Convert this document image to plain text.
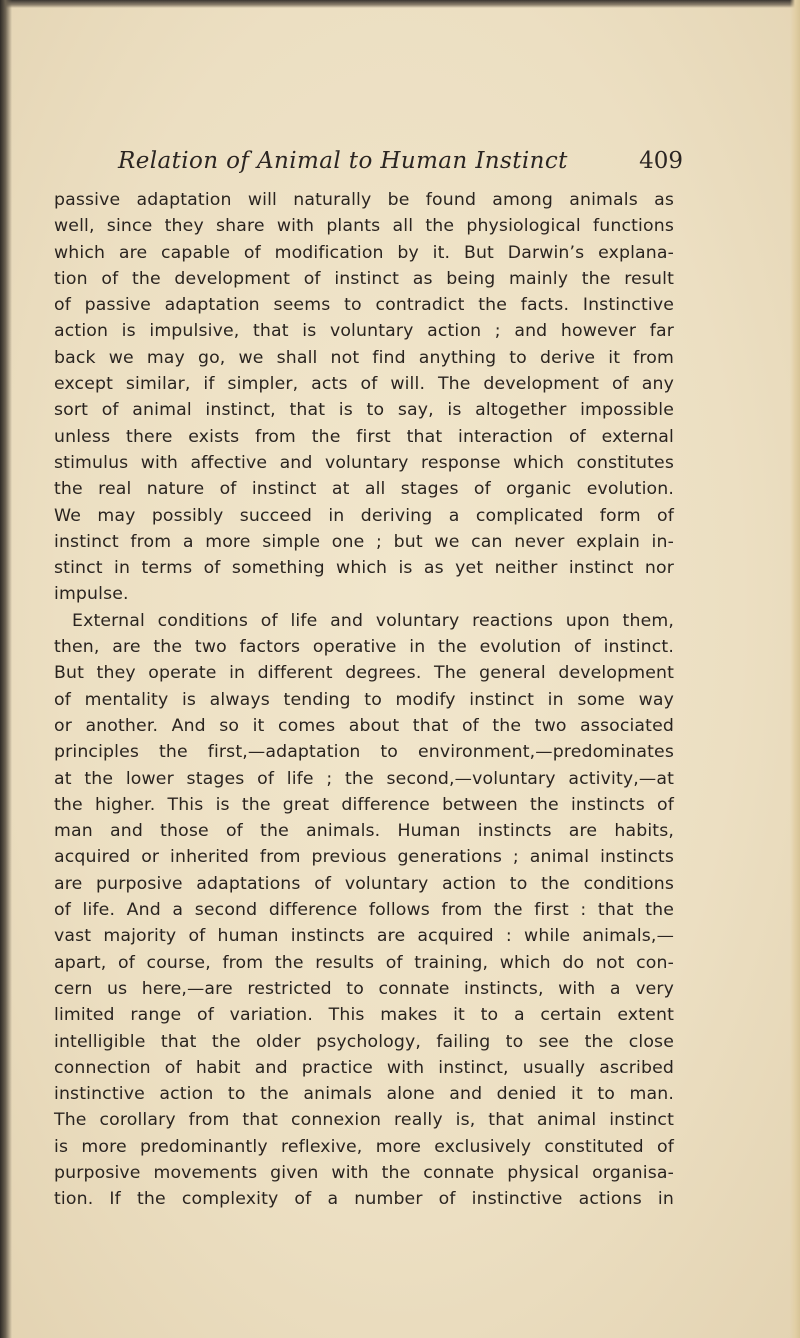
Relation of Animal to Human Instinct	409
passive adaptation will naturally be found among animals as
well, since they share with plants all the physiological functions
which are capable of modification by it. But Darwin’s explana-
tion of the development of instinct as being mainly the result
of passive adaptation seems to contradict the facts. Instinctive
action is impulsive, that is voluntary action ; and however far
back we may go, we shall not find anything to derive it from
except similar, if simpler, acts of will. The development of any
sort of animal instinct, that is to say, is altogether impossible
unless there exists from the first that interaction of external
stimulus with affective and voluntary response which constitutes
the real nature of instinct at all stages of organic evolution.
We may possibly succeed in deriving a complicated form of
instinct from a more simple one ; but we can never explain in-
stinct in terms of something which is as yet neither instinct nor
impulse.
External conditions of life and voluntary reactions upon them,
then, are the two factors operative in the evolution of instinct.
But they operate in different degrees. The general development
of mentality is always tending to modify instinct in some way
or another. And so it comes about that of the two associated
principles the first,—adaptation to environment,—predominates
at the lower stages of life ; the second,—voluntary activity,—at
the higher. This is the great difference between the instincts of
man and those of the animals. Human instincts are habits,
acquired or inherited from previous generations ; animal instincts
are purposive adaptations of voluntary action to the conditions
of life. And a second difference follows from the first : that the
vast majority of human instincts are acquired : while animals,—
apart, of course, from the results of training, which do not con-
cern us here,—are restricted to connate instincts, with a very
limited range of variation. This makes it to a certain extent
intelligible that the older psychology, failing to see the close
connection of habit and practice with instinct, usually ascribed
instinctive action to the animals alone and denied it to man.
The corollary from that connexion really is, that animal instinct
is more predominantly reflexive, more exclusively constituted of
purposive movements given with the connate physical organisa-
tion. If the complexity of a number of instinctive actions in
